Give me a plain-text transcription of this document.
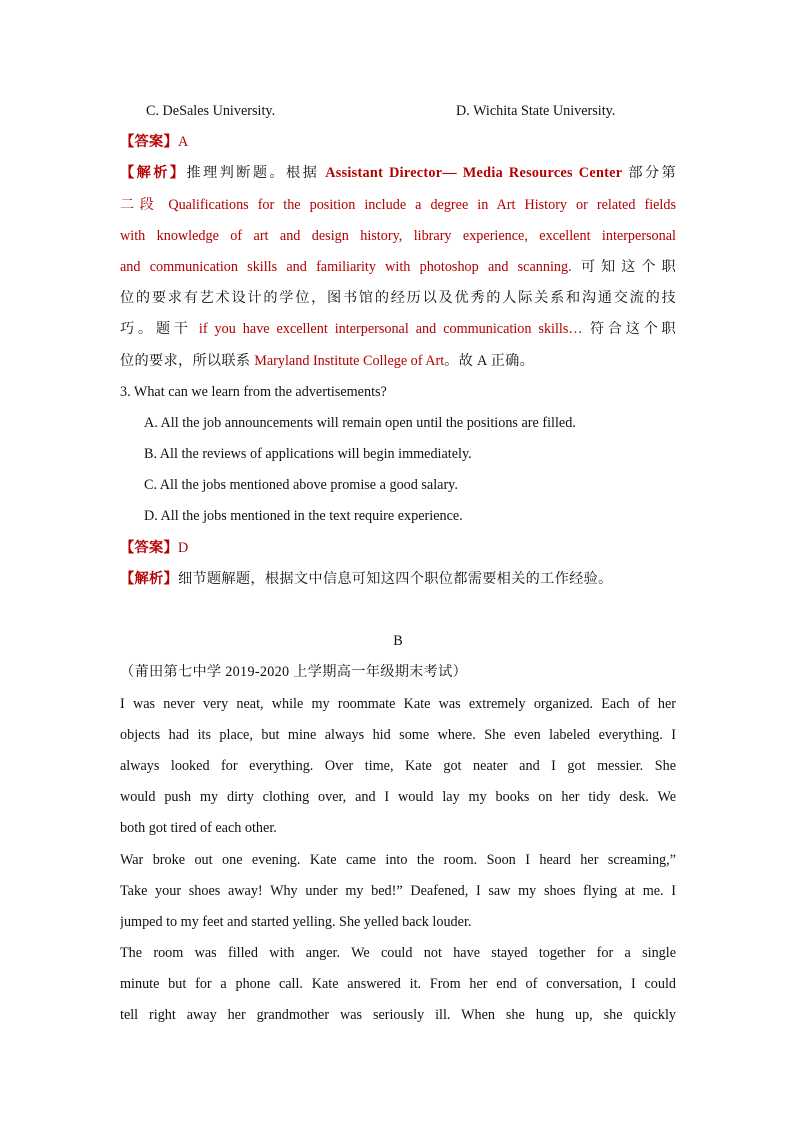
C. DeSales University.	D. Wichita State University.
【答案】A
【解析】推理判断题。根据 Assistant Director— Media Resources Center 部分第
二段 Qualifications for the position include a degree in Art History or related fields
with knowledge of art and design history, library experience, excellent interpersonal
and communication skills and familiarity with photoshop and scanning. 可知这个职
位的要求有艺术设计的学位，图书馆的经历以及优秀的人际关系和沟通交流的技
巧。题干 if you have excellent interpersonal and communication skills… 符合这个职
位的要求，所以联系 Maryland Institute College of Art。故 A 正确。
3. What can we learn from the advertisements?
A. All the job announcements will remain open until the positions are filled.
B. All the reviews of applications will begin immediately.
C. All the jobs mentioned above promise a good salary.
D. All the jobs mentioned in the text require experience.
【答案】D
【解析】细节题解题，根据文中信息可知这四个职位都需要相关的工作经验。
B
（莆田第七中学 2019-2020 上学期高一年级期末考试）
I was never very neat, while my roommate Kate was extremely organized. Each of her
objects had its place, but mine always hid some where. She even labeled everything. I
always looked for everything. Over time, Kate got neater and I got messier. She
would push my dirty clothing over, and I would lay my books on her tidy desk. We
both got tired of each other.
War broke out one evening. Kate came into the room. Soon I heard her screaming,”
Take your shoes away! Why under my bed!” Deafened, I saw my shoes flying at me. I
jumped to my feet and started yelling. She yelled back louder.
The room was filled with anger. We could not have stayed together for a single
minute but for a phone call. Kate answered it. From her end of conversation, I could
tell right away her grandmother was seriously ill. When she hung up, she quickly
